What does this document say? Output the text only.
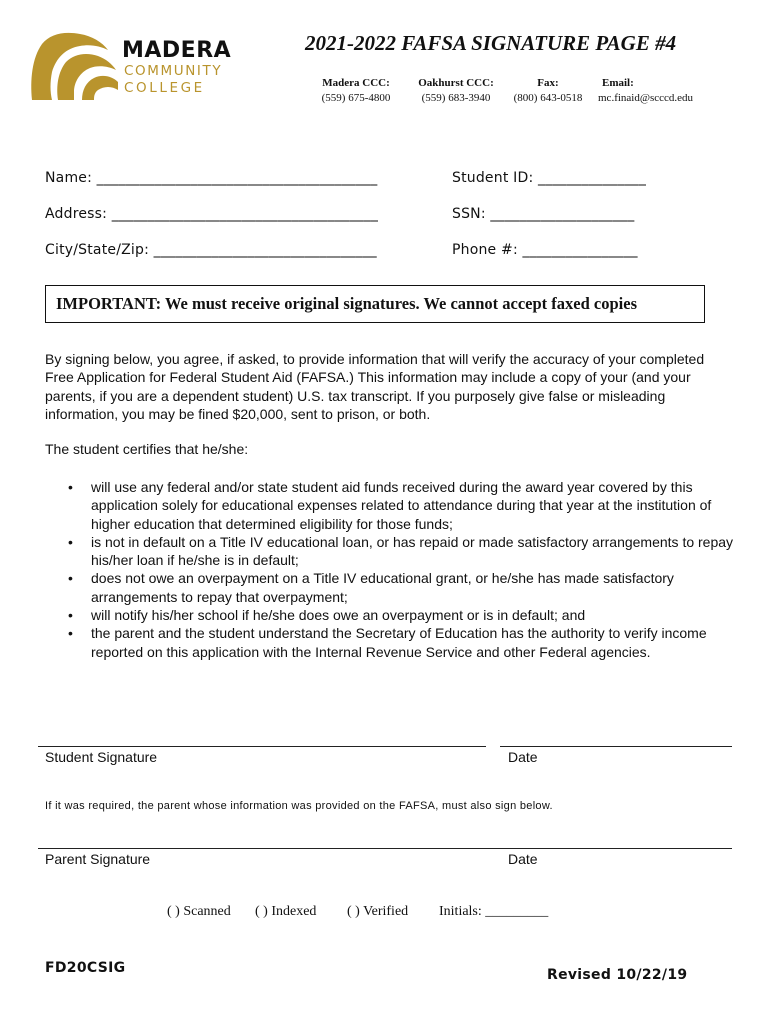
MADERA
COMMUNITY
COLLEGE
2021-2022 FAFSA SIGNATURE PAGE #4
Madera CCC:
(559) 675-4800
Oakhurst CCC:
(559) 683-3940
Fax:
(800) 643-0518
Email:
mc.finaid@scccd.edu
Name: _______________________________________	Student ID: _______________
Address: _____________________________________	SSN: ____________________
City/State/Zip: _______________________________	Phone #: ________________
IMPORTANT: We must receive original signatures. We cannot accept faxed copies
By signing below, you agree, if asked, to provide information that will verify the accuracy of your completed Free Application for Federal Student Aid (FAFSA.) This information may include a copy of your (and your parents, if you are a dependent student) U.S. tax transcript. If you purposely give false or misleading information, you may be fined $20,000, sent to prison, or both.
The student certifies that he/she:
• will use any federal and/or state student aid funds received during the award year covered by this application solely for educational expenses related to attendance during that year at the institution of higher education that determined eligibility for those funds;
• is not in default on a Title IV educational loan, or has repaid or made satisfactory arrangements to repay his/her loan if he/she is in default;
• does not owe an overpayment on a Title IV educational grant, or he/she has made satisfactory arrangements to repay that overpayment;
• will notify his/her school if he/she does owe an overpayment or is in default; and
• the parent and the student understand the Secretary of Education has the authority to verify income reported on this application with the Internal Revenue Service and other Federal agencies.
Student Signature	Date
If it was required, the parent whose information was provided on the FAFSA, must also sign below.
Parent Signature	Date
( ) Scanned ( ) Indexed ( ) Verified Initials: _________
FD20CSIG	Revised 10/22/19
